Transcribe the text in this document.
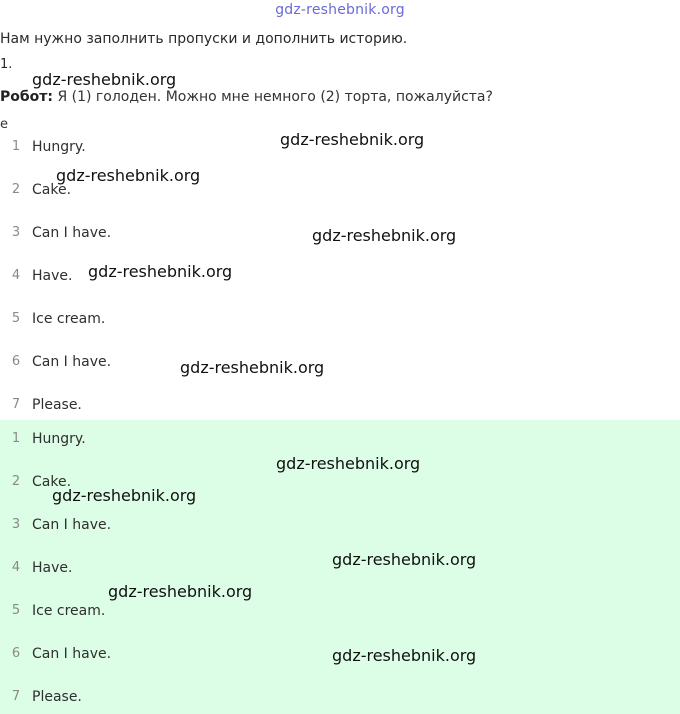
gdz-reshebnik.org
Нам нужно заполнить пропуски и дополнить историю.
1.
Робот: Я (1) голоден. Можно мне немного (2) торта, пожалуйста?
e
1 Hungry.
2 Cake.
3 Can I have.
4 Have.
5 Ice cream.
6 Can I have.
7 Please.
1 Hungry.
2 Cake.
3 Can I have.
4 Have.
5 Ice cream.
6 Can I have.
7 Please.
gdz-reshebnik.org
gdz-reshebnik.org
gdz-reshebnik.org
gdz-reshebnik.org
gdz-reshebnik.org
gdz-reshebnik.org
gdz-reshebnik.org
gdz-reshebnik.org
gdz-reshebnik.org
gdz-reshebnik.org
gdz-reshebnik.org
